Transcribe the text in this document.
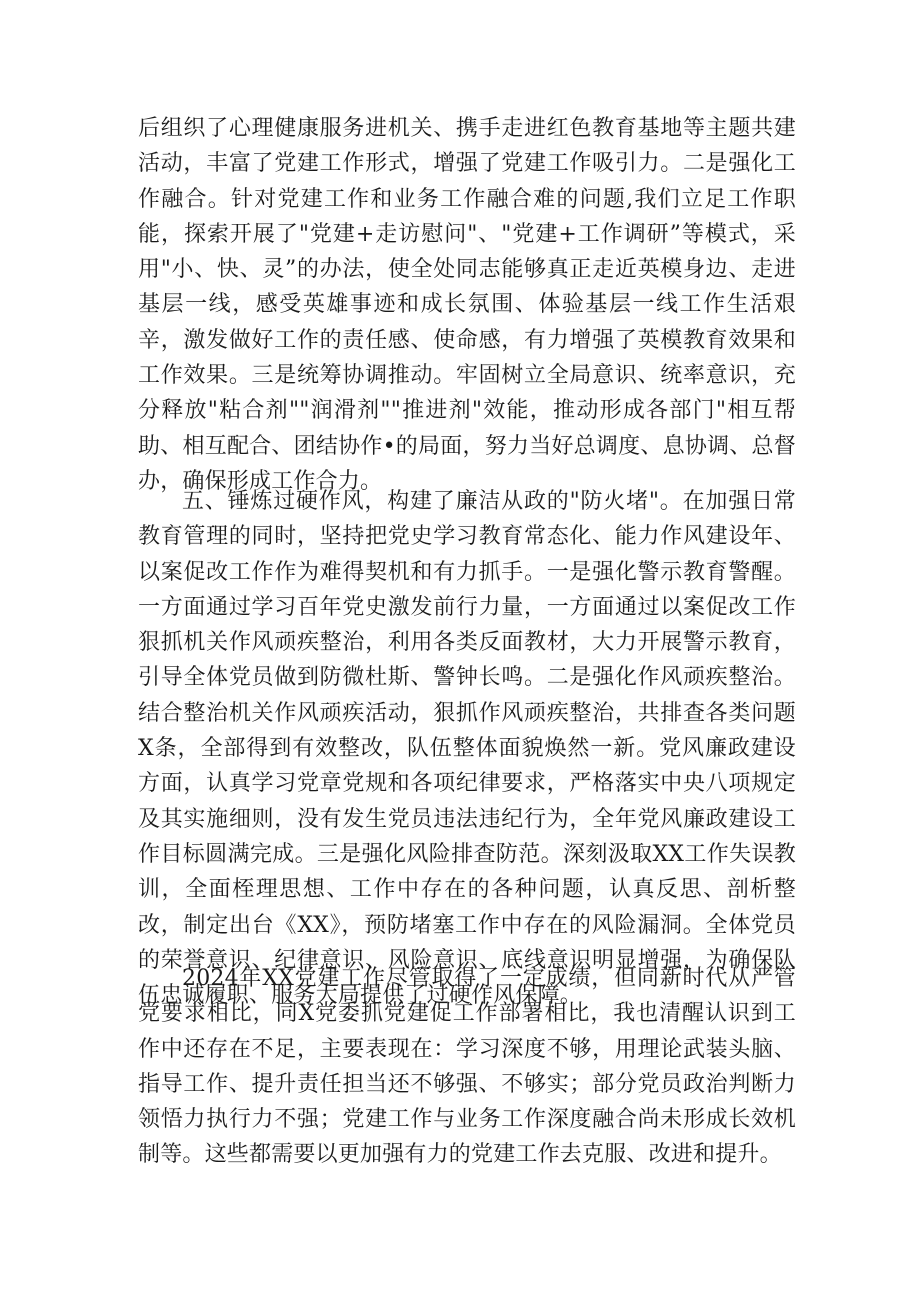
后组织了心理健康服务进机关、携手走进红色教育基地等主题共建活动，丰富了党建工作形式，增强了党建工作吸引力。二是强化工作融合。针对党建工作和业务工作融合难的问题,我们立足工作职能，探索开展了"党建+走访慰问"、"党建+工作调研”等模式，采用"小、快、灵”的办法，使全处同志能够真正走近英模身边、走进基层一线，感受英雄事迹和成长氛围、体验基层一线工作生活艰辛，激发做好工作的责任感、使命感，有力增强了英模教育效果和工作效果。三是统筹协调推动。牢固树立全局意识、统率意识，充分释放"粘合剂""润滑剂""推进剂"效能，推动形成各部门"相互帮助、相互配合、团结协作•的局面，努力当好总调度、息协调、总督办，确保形成工作合力。

五、锤炼过硬作风，构建了廉洁从政的"防火堵"。在加强日常教育管理的同时，坚持把党史学习教育常态化、能力作风建设年、以案促改工作作为难得契机和有力抓手。一是强化警示教育警醒。一方面通过学习百年党史激发前行力量，一方面通过以案促改工作狠抓机关作风顽疾整治，利用各类反面教材，大力开展警示教育，引导全体党员做到防微杜斯、警钟长鸣。二是强化作风顽疾整治。结合整治机关作风顽疾活动，狠抓作风顽疾整治，共排查各类问题X条，全部得到有效整改，队伍整体面貌焕然一新。党风廉政建设方面，认真学习党章党规和各项纪律要求，严格落实中央八项规定及其实施细则，没有发生党员违法违纪行为，全年党风廉政建设工作目标圆满完成。三是强化风险排查防范。深刻汲取XX工作失误教训，全面桎理思想、工作中存在的各种问题，认真反思、剖析整改，制定出台《XX》，预防堵塞工作中存在的风险漏洞。全体党员的荣誉意识、纪律意识、风险意识、底线意识明显增强，为确保队伍忠诚履职、服务大局提供了过硬作风保障。

2024年XX党建工作尽管取得了一定成绩，但同新时代从严管党要求相比，同X党委抓党建促工作部署相比，我也清醒认识到工作中还存在不足，主要表现在：学习深度不够，用理论武装头脑、指导工作、提升责任担当还不够强、不够实；部分党员政治判断力领悟力执行力不强；党建工作与业务工作深度融合尚未形成长效机制等。这些都需要以更加强有力的党建工作去克服、改进和提升。
